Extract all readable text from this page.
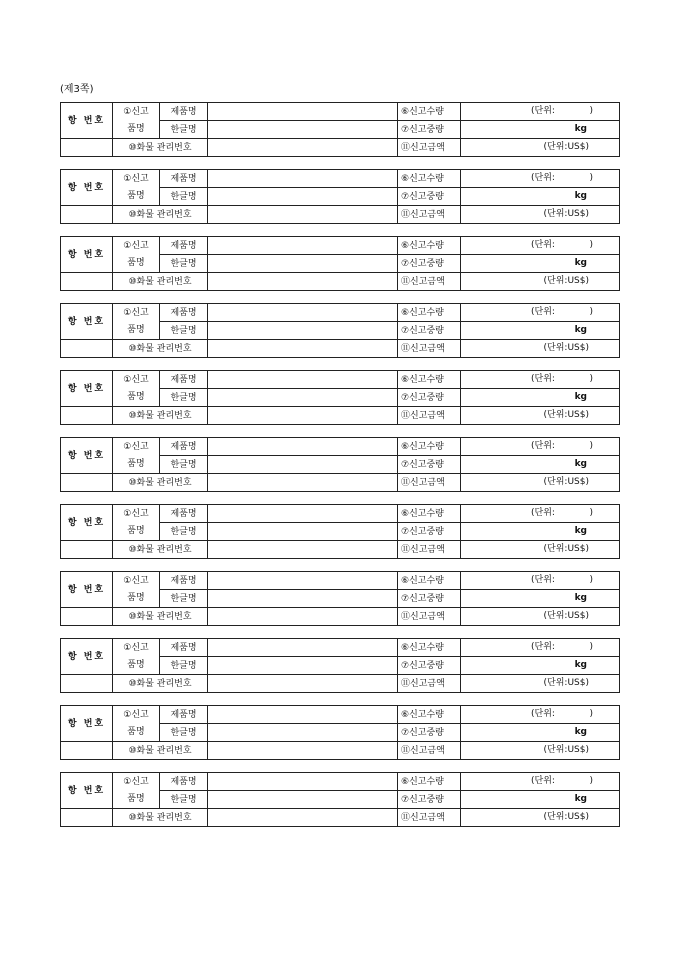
(제3쪽)
항 번호	①신고	제품명		⑥신고수량	(단위: )

	품명	한글명		⑦신고중량	kg

	⑩화물 관리번호			⑪신고금액	(단위:US$)
항 번호	①신고	제품명		⑥신고수량	(단위: )

	품명	한글명		⑦신고중량	kg

	⑩화물 관리번호			⑪신고금액	(단위:US$)
항 번호	①신고	제품명		⑥신고수량	(단위: )

	품명	한글명		⑦신고중량	kg

	⑩화물 관리번호			⑪신고금액	(단위:US$)
항 번호	①신고	제품명		⑥신고수량	(단위: )

	품명	한글명		⑦신고중량	kg

	⑩화물 관리번호			⑪신고금액	(단위:US$)
항 번호	①신고	제품명		⑥신고수량	(단위: )

	품명	한글명		⑦신고중량	kg

	⑩화물 관리번호			⑪신고금액	(단위:US$)
항 번호	①신고	제품명		⑥신고수량	(단위: )

	품명	한글명		⑦신고중량	kg

	⑩화물 관리번호			⑪신고금액	(단위:US$)
항 번호	①신고	제품명		⑥신고수량	(단위: )

	품명	한글명		⑦신고중량	kg

	⑩화물 관리번호			⑪신고금액	(단위:US$)
항 번호	①신고	제품명		⑥신고수량	(단위: )

	품명	한글명		⑦신고중량	kg

	⑩화물 관리번호			⑪신고금액	(단위:US$)
항 번호	①신고	제품명		⑥신고수량	(단위: )

	품명	한글명		⑦신고중량	kg

	⑩화물 관리번호			⑪신고금액	(단위:US$)
항 번호	①신고	제품명		⑥신고수량	(단위: )

	품명	한글명		⑦신고중량	kg

	⑩화물 관리번호			⑪신고금액	(단위:US$)
항 번호	①신고	제품명		⑥신고수량	(단위: )

	품명	한글명		⑦신고중량	kg

	⑩화물 관리번호			⑪신고금액	(단위:US$)
